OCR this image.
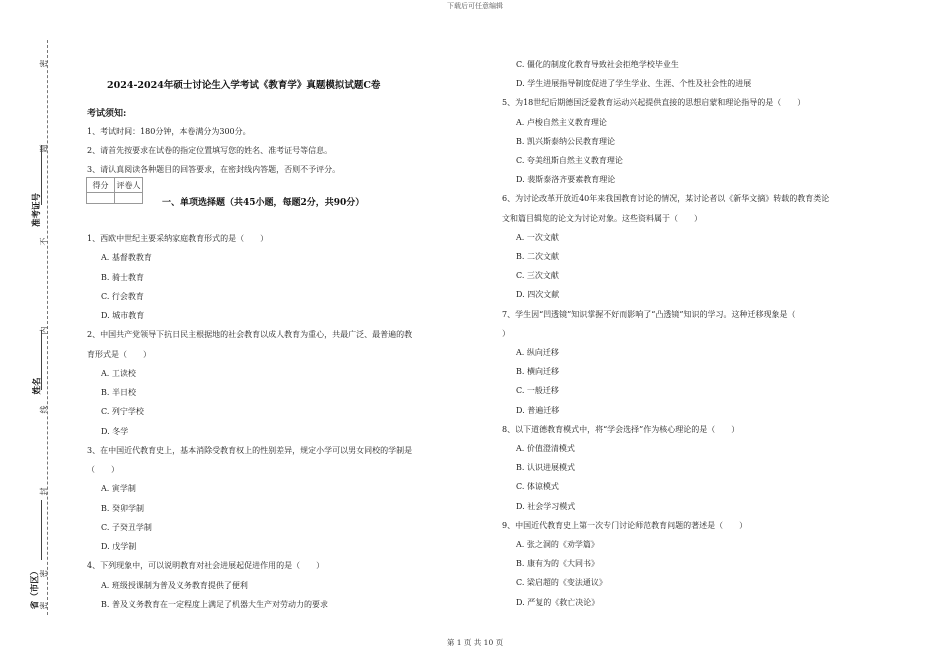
下载后可任意编辑
密
题
不
内
线
封
密
密
准考证号
姓名
省（市区）
2024-2024年硕士讨论生入学考试《教育学》真题模拟试题C卷
考试须知:
1、考试时间：180分钟，本卷满分为300分。
2、请首先按要求在试卷的指定位置填写您的姓名、准考证号等信息。
3、请认真阅读各种题目的回答要求，在密封线内答题，否则不予评分。
得分	评卷人

一、单项选择题（共45小题，每题2分，共90分）
1、西欧中世纪主要采纳家庭教育形式的是（　　）
A. 基督教教育
B. 骑士教育
C. 行会教育
D. 城市教育
2、中国共产党领导下抗日民主根据地的社会教育以成人教育为重心，共最广泛、最普遍的教
育形式是（　　）
A. 工读校
B. 半日校
C. 列宁学校
D. 冬学
3、在中国近代教育史上，基本消除受教育权上的性别差异，规定小学可以男女同校的学制是
（　　）
A. 寅学制
B. 癸卯学制
C. 子癸丑学制
D. 戊学制
4、下列现象中，可以说明教育对社会进展起促进作用的是（　　）
A. 班级授课制为普及义务教育提供了便利
B. 普及义务教育在一定程度上满足了机器大生产对劳动力的要求
C. 僵化的制度化教育导致社会拒绝学校毕业生
D. 学生进展指导制度促进了学生学业、生涯、个性及社会性的进展
5、为18世纪后期德国泛爱教育运动兴起提供直接的思想启蒙和理论指导的是（　　）
A. 卢梭自然主义教育理论
B. 凯兴斯泰纳公民教育理论
C. 夸美纽斯自然主义教育理论
D. 裴斯泰洛齐要素教育理论
6、为讨论改革开放近40年来我国教育讨论的情况，某讨论者以《新华文摘》转载的教育类论
文和篇目辑览的论文为讨论对象。这些资料属于（　　）
A. 一次文献
B. 二次文献
C. 三次文献
D. 四次文献
7、学生因“凹透镜”知识掌握不好而影响了“凸透镜”知识的学习。这种迁移现象是（
）
A. 纵向迁移
B. 横向迁移
C. 一般迁移
D. 普遍迁移
8、以下道德教育模式中，将“学会选择”作为核心理论的是（　　）
A. 价值澄清模式
B. 认识进展模式
C. 体谅模式
D. 社会学习模式
9、中国近代教育史上第一次专门讨论师范教育问题的著述是（　　）
A. 张之洞的《劝学篇》
B. 康有为的《大同书》
C. 梁启超的《变法通议》
D. 严复的《救亡决论》
第 1 页 共 10 页
